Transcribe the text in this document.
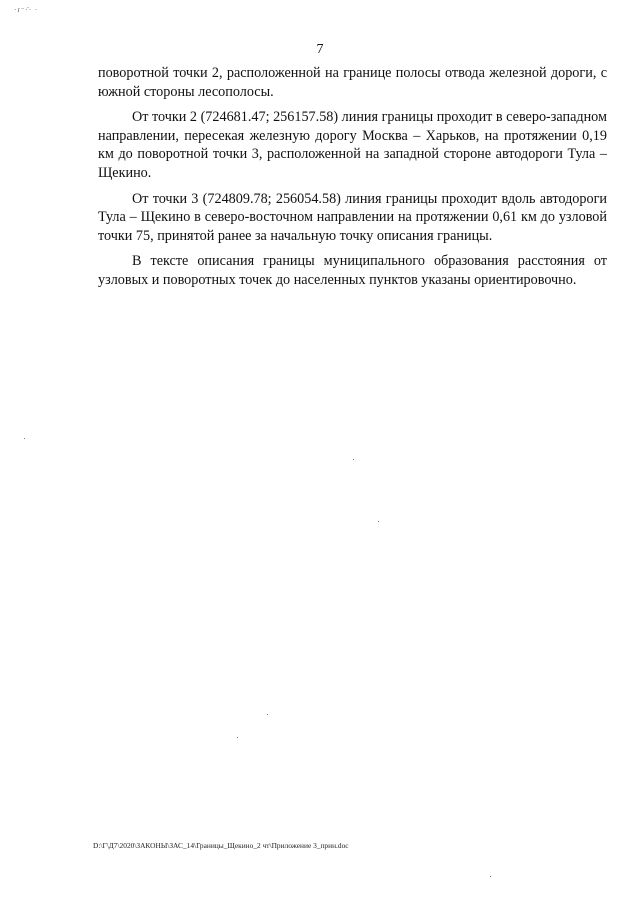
·ґ⁻·̈· ·
7

поворотной точки 2, расположенной на границе полосы отвода железной дороги, с южной стороны лесополосы.

От точки 2 (724681.47; 256157.58) линия границы проходит в северо-западном направлении, пересекая железную дорогу Москва – Харьков, на протяжении 0,19 км до поворотной точки 3, расположенной на западной стороне автодороги Тула – Щекино.

От точки 3 (724809.78; 256054.58) линия границы проходит вдоль автодороги Тула – Щекино в северо-восточном направлении на протяжении 0,61 км до узловой точки 75, принятой ранее за начальную точку описания границы.

В тексте описания границы муниципального образования расстояния от узловых и поворотных точек до населенных пунктов указаны ориентировочно.

D:\Г\Д7\2020\ЗАКОНЫ\ЗАС_14\Границы_Щекино_2 чт\Приложение 3_прин.doc
